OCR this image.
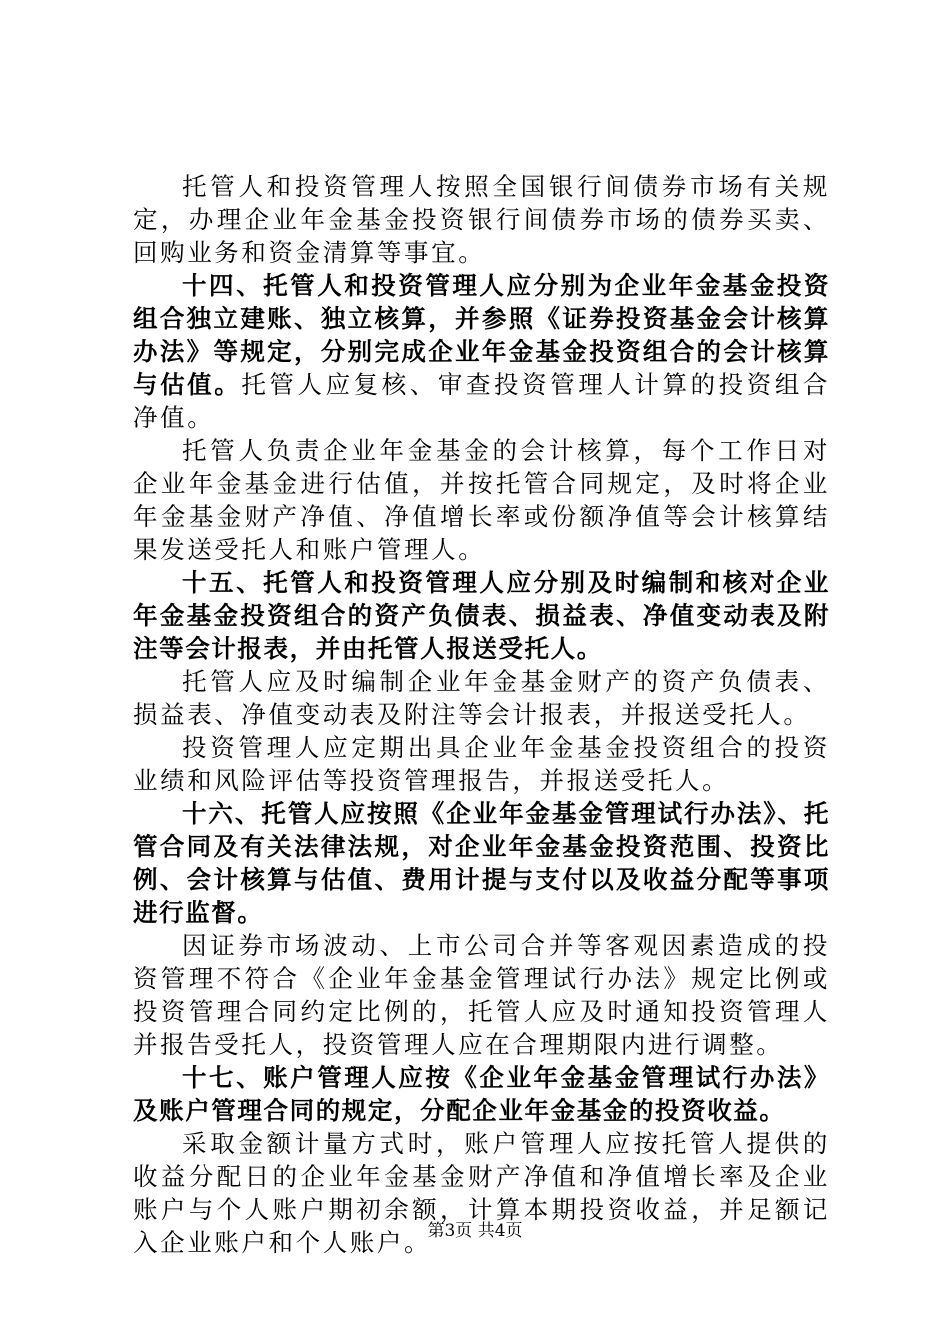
托管人和投资管理人按照全国银行间债券市场有关规定，办理企业年金基金投资银行间债券市场的债券买卖、回购业务和资金清算等事宜。

十四、托管人和投资管理人应分别为企业年金基金投资组合独立建账、独立核算，并参照《证券投资基金会计核算办法》等规定，分别完成企业年金基金投资组合的会计核算与估值。托管人应复核、审查投资管理人计算的投资组合净值。

托管人负责企业年金基金的会计核算，每个工作日对企业年金基金进行估值，并按托管合同规定，及时将企业年金基金财产净值、净值增长率或份额净值等会计核算结果发送受托人和账户管理人。

十五、托管人和投资管理人应分别及时编制和核对企业年金基金投资组合的资产负债表、损益表、净值变动表及附注等会计报表，并由托管人报送受托人。

托管人应及时编制企业年金基金财产的资产负债表、损益表、净值变动表及附注等会计报表，并报送受托人。

投资管理人应定期出具企业年金基金投资组合的投资业绩和风险评估等投资管理报告，并报送受托人。

十六、托管人应按照《企业年金基金管理试行办法》、托管合同及有关法律法规，对企业年金基金投资范围、投资比例、会计核算与估值、费用计提与支付以及收益分配等事项进行监督。

因证券市场波动、上市公司合并等客观因素造成的投资管理不符合《企业年金基金管理试行办法》规定比例或投资管理合同约定比例的，托管人应及时通知投资管理人并报告受托人，投资管理人应在合理期限内进行调整。

十七、账户管理人应按《企业年金基金管理试行办法》及账户管理合同的规定，分配企业年金基金的投资收益。

采取金额计量方式时，账户管理人应按托管人提供的收益分配日的企业年金基金财产净值和净值增长率及企业账户与个人账户期初余额，计算本期投资收益，并足额记入企业账户和个人账户。

第3页 共4页
